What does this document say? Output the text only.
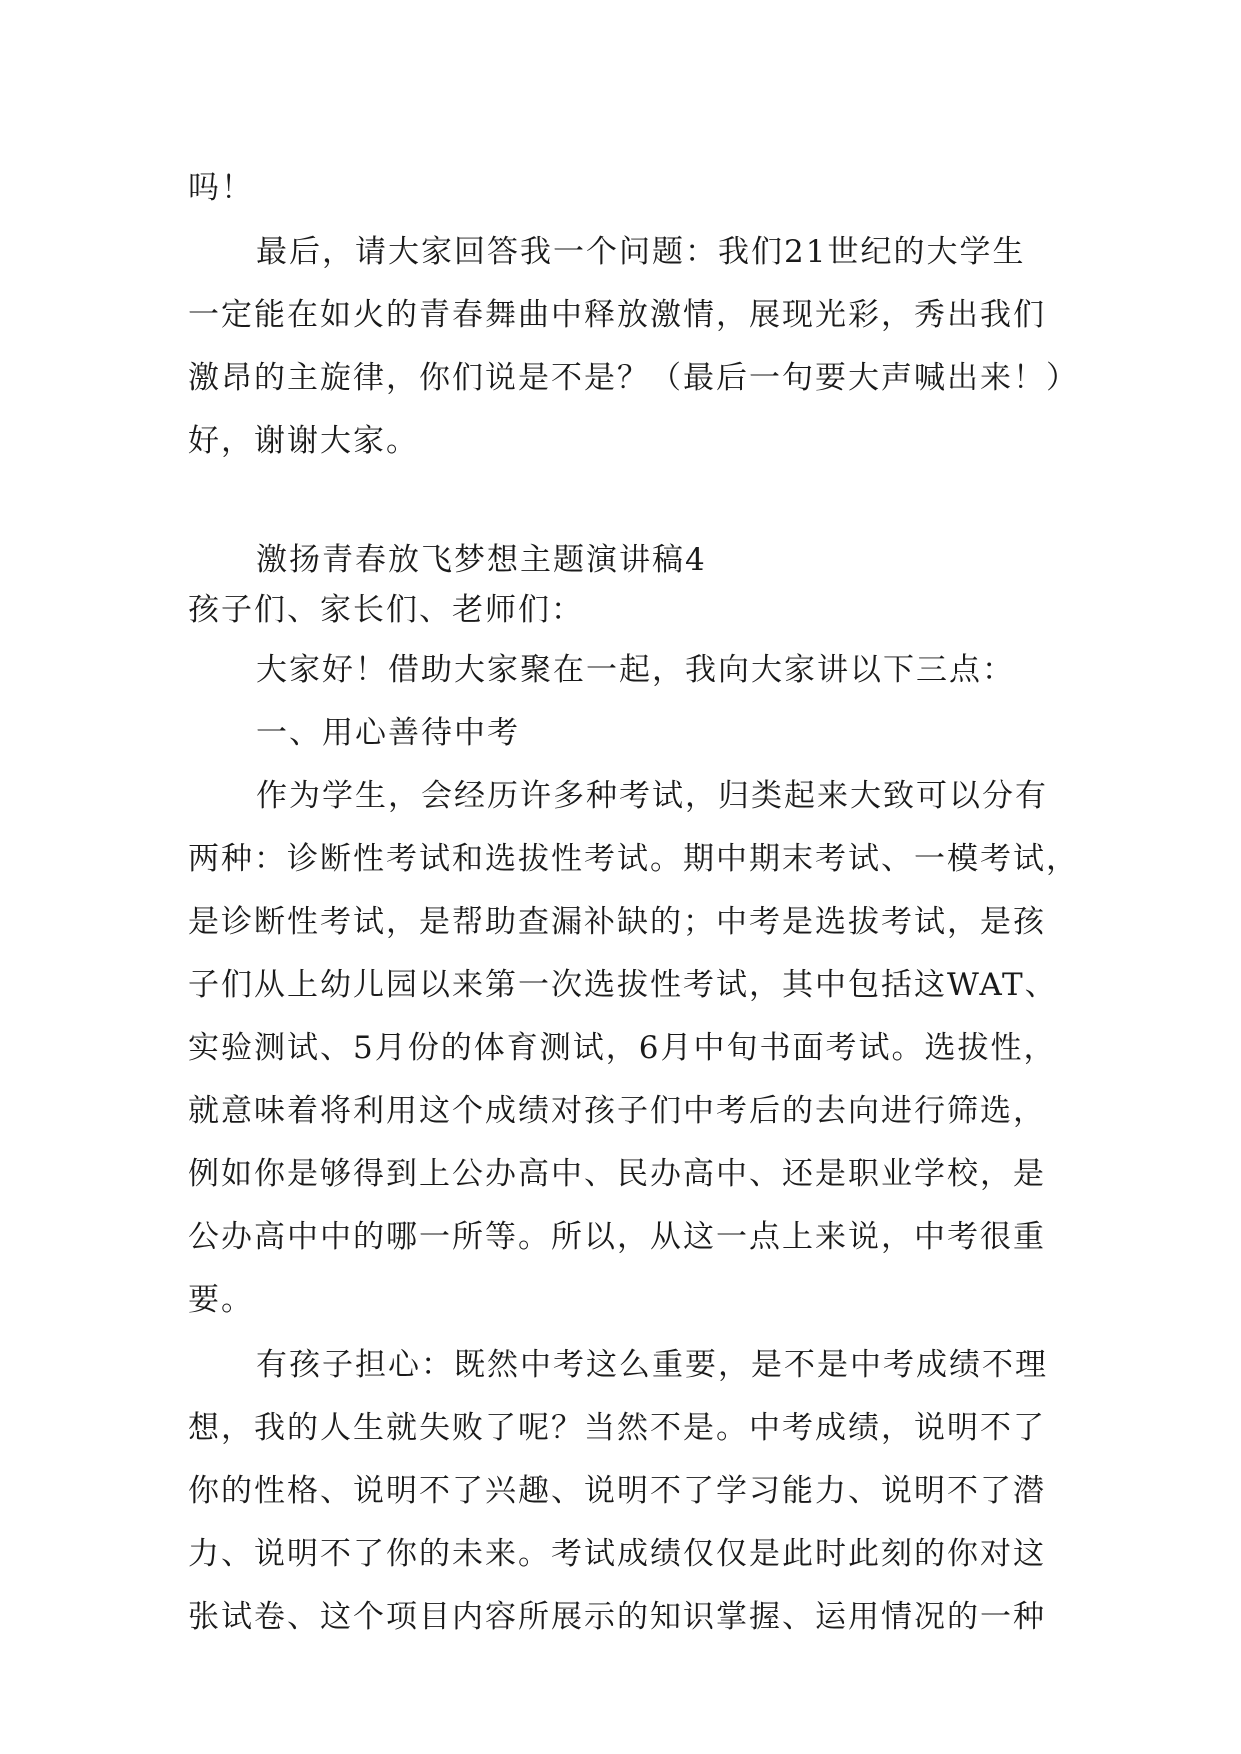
吗！
最后，请大家回答我一个问题：我们21世纪的大学生
一定能在如火的青春舞曲中释放激情，展现光彩，秀出我们
激昂的主旋律，你们说是不是？（最后一句要大声喊出来！）
好，谢谢大家。
激扬青春放飞梦想主题演讲稿4
孩子们、家长们、老师们：
大家好！借助大家聚在一起，我向大家讲以下三点：
一、用心善待中考
作为学生，会经历许多种考试，归类起来大致可以分有
两种：诊断性考试和选拔性考试。期中期末考试、一模考试，
是诊断性考试，是帮助查漏补缺的；中考是选拔考试，是孩
子们从上幼儿园以来第一次选拔性考试，其中包括这WAT、
实验测试、5月份的体育测试，6月中旬书面考试。选拔性，
就意味着将利用这个成绩对孩子们中考后的去向进行筛选，
例如你是够得到上公办高中、民办高中、还是职业学校，是
公办高中中的哪一所等。所以，从这一点上来说，中考很重
要。
有孩子担心：既然中考这么重要，是不是中考成绩不理
想，我的人生就失败了呢？当然不是。中考成绩，说明不了
你的性格、说明不了兴趣、说明不了学习能力、说明不了潜
力、说明不了你的未来。考试成绩仅仅是此时此刻的你对这
张试卷、这个项目内容所展示的知识掌握、运用情况的一种
